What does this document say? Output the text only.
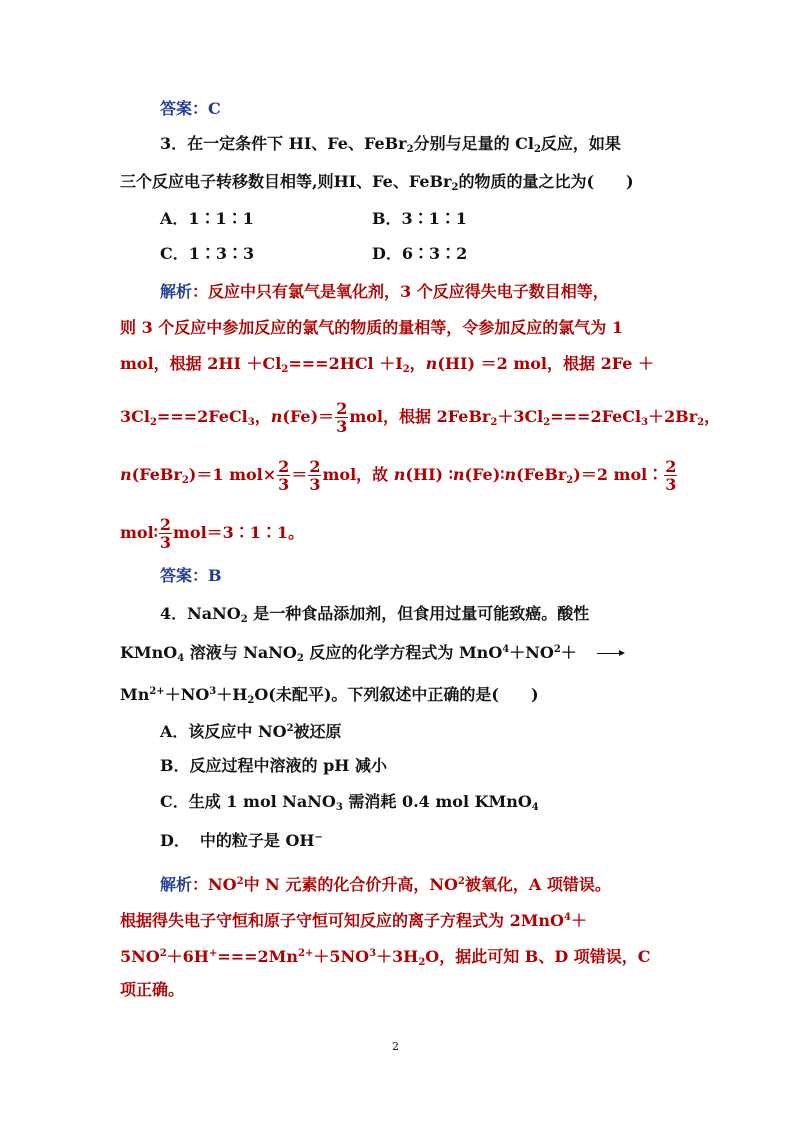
答案：C
3．在一定条件下 HI、Fe、FeBr$_2$分别与足量的 $Cl_2$反应，如果
三个反应电子转移数目相等,则HI、Fe、FeBr$_2$的物质的量之比为(　　)
A．1∶1∶1	B．3∶1∶1
C．1∶3∶3	D．6∶3∶2
解析：反应中只有氯气是氧化剂，3 个反应得失电子数目相等，
则 3 个反应中参加反应的氯气的物质的量相等，令参加反应的氯气为 1
mol，根据 $2HI +Cl_2===2HCl +I_2$，n(HI) ＝2 mol，根据 2Fe ＋
$3Cl_2===2FeCl_3$，$n(Fe)= \frac{2}{3}$ mol，根据 $2FeBr_2+3Cl_2===2FeCl_3+2Br_2$，
n(FeBr$_2$)＝1 $mol\times \frac{2}{3} = \frac{2}{3}$ mol，故 n(HI) ∶n(Fe)∶n(FeBr$_2$)＝2 mol∶ $\frac{2}{3}$
mol∶ $\frac{2}{3}$ mol＝3∶1∶1。
答案：B
4．NaNO$_2$ 是一种食品添加剂，但食用过量可能致癌。酸性
KMnO$_4$ 溶液与 NaNO$_2$ 反应的化学方程式为 $MnO^4+NO^2+$ →
$Mn^{2+}+NO^3+H_2O$(未配平)。下列叙述中正确的是(　　)
A．该反应中 $NO^2$被还原
B．反应过程中溶液的 pH 减小
C．生成 1 mol NaNO$_3$ 需消耗 0.4 mol KMnO$_4$
D． 中的粒子是 OH−
解析：$NO^2$中 N 元素的化合价升高，$NO^2$被氧化，A 项错误。
根据得失电子守恒和原子守恒可知反应的离子方程式为 2MnO$^4$＋
$5NO^2+6H^+===2Mn^{2+}+5NO^3+3H_2O$，据此可知 B、D 项错误，C
项正确。
2
